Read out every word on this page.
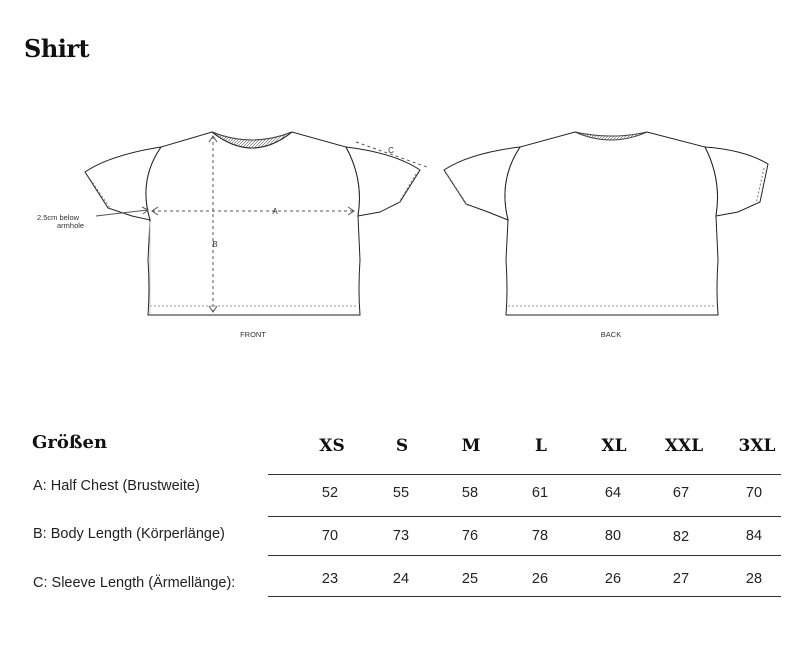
Shirt
A
B
C
2.5cm below
armhole
FRONT	BACK
Größen	XS	S	M	L	XL	XXL	3XL
A: Half Chest (Brustweite)	52	55	58	61	64	67	70
B: Body Length (Körperlänge)	70	73	76	78	80	82	84
C: Sleeve Length (Ärmellänge):	23	24	25	26	26	27	28
